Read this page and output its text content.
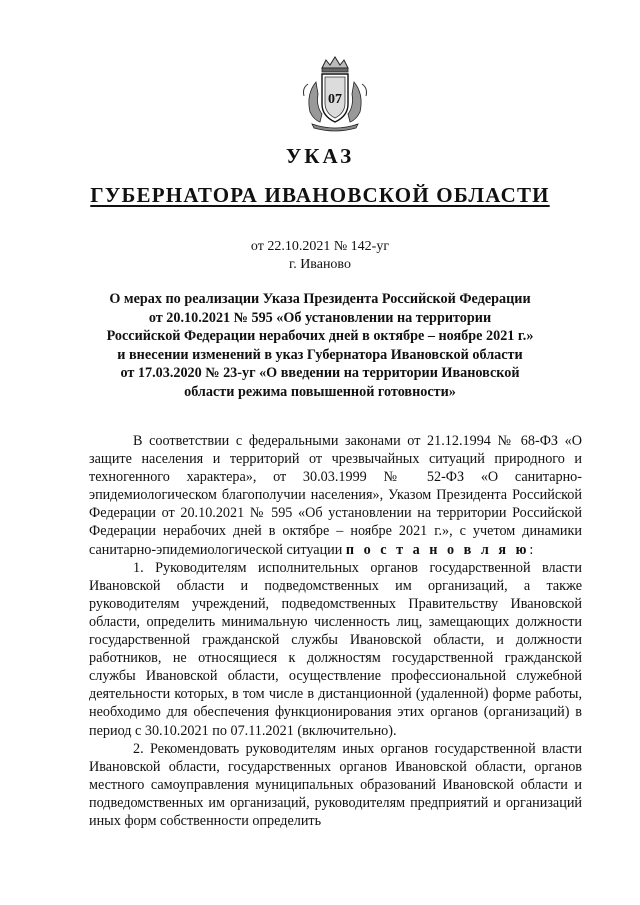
07
УКАЗ
ГУБЕРНАТОРА ИВАНОВСКОЙ ОБЛАСТИ
от 22.10.2021 № 142-уг
г. Иваново
О мерах по реализации Указа Президента Российской Федерации
от 20.10.2021 № 595 «Об установлении на территории
Российской Федерации нерабочих дней в октябре – ноябре 2021 г.»
и внесении изменений в указ Губернатора Ивановской области
от 17.03.2020 № 23-уг «О введении на территории Ивановской
области режима повышенной готовности»

В соответствии с федеральными законами от 21.12.1994 № 68-ФЗ «О защите населения и территорий от чрезвычайных ситуаций природного и техногенного характера», от 30.03.1999 № 52-ФЗ «О санитарно-эпидемиологическом благополучии населения», Указом Президента Российской Федерации от 20.10.2021 № 595 «Об установлении на территории Российской Федерации нерабочих дней в октябре – ноябре 2021 г.», с учетом динамики санитарно-эпидемиологической ситуации п о с т а н о в л я ю:

1. Руководителям исполнительных органов государственной власти Ивановской области и подведомственных им организаций, а также руководителям учреждений, подведомственных Правительству Ивановской области, определить минимальную численность лиц, замещающих должности государственной гражданской службы Ивановской области, и должности работников, не относящиеся к должностям государственной гражданской службы Ивановской области, осуществление профессиональной служебной деятельности которых, в том числе в дистанционной (удаленной) форме работы, необходимо для обеспечения функционирования этих органов (организаций) в период с 30.10.2021 по 07.11.2021 (включительно).

2. Рекомендовать руководителям иных органов государственной власти Ивановской области, государственных органов Ивановской области, органов местного самоуправления муниципальных образований Ивановской области и подведомственных им организаций, руководителям предприятий и организаций иных форм собственности определить
